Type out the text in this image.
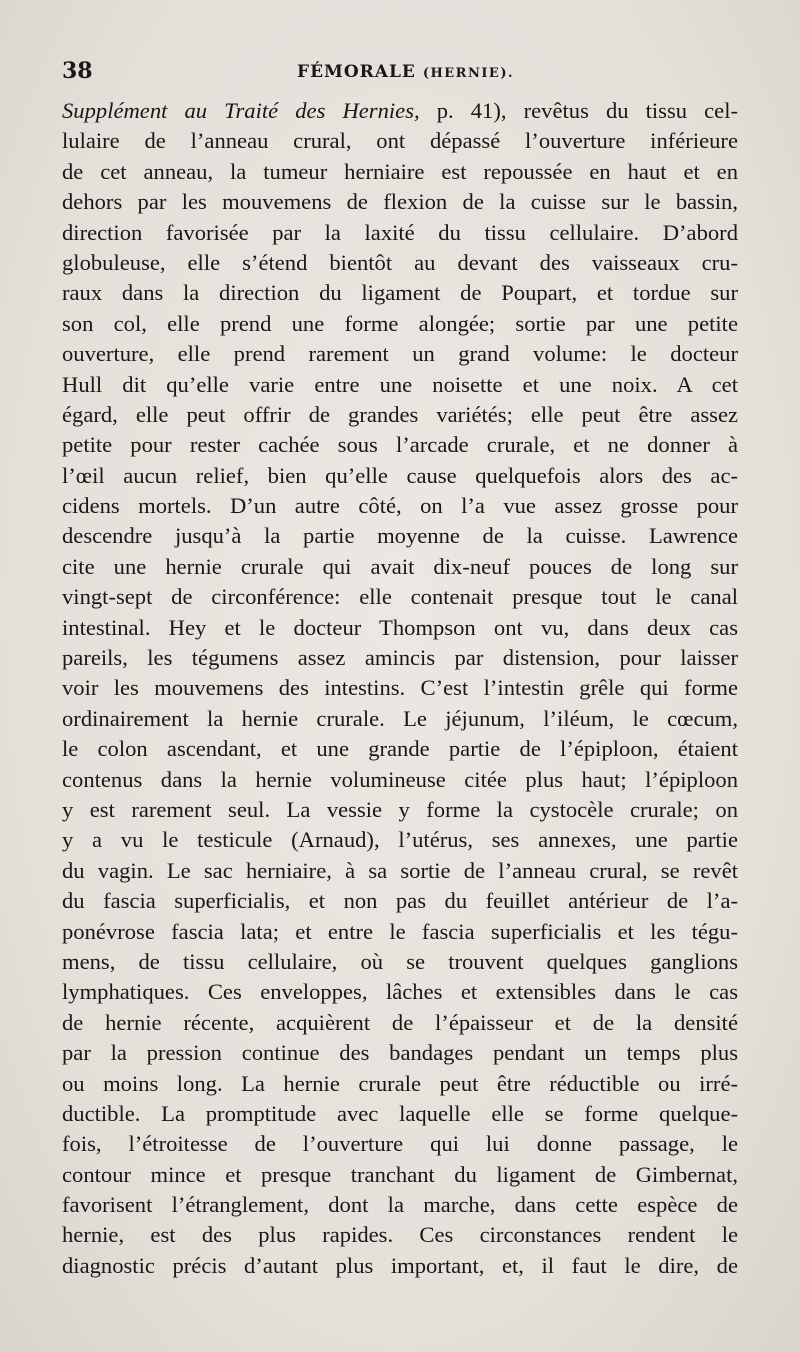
38	FÉMORALE (HERNIE).
Supplément au Traité des Hernies, p. 41), revêtus du tissu cel-
lulaire de l’anneau crural, ont dépassé l’ouverture inférieure
de cet anneau, la tumeur herniaire est repoussée en haut et en
dehors par les mouvemens de flexion de la cuisse sur le bassin,
direction favorisée par la laxité du tissu cellulaire. D’abord
globuleuse, elle s’étend bientôt au devant des vaisseaux cru-
raux dans la direction du ligament de Poupart, et tordue sur
son col, elle prend une forme alongée; sortie par une petite
ouverture, elle prend rarement un grand volume: le docteur
Hull dit qu’elle varie entre une noisette et une noix. A cet
égard, elle peut offrir de grandes variétés; elle peut être assez
petite pour rester cachée sous l’arcade crurale, et ne donner à
l’œil aucun relief, bien qu’elle cause quelquefois alors des ac-
cidens mortels. D’un autre côté, on l’a vue assez grosse pour
descendre jusqu’à la partie moyenne de la cuisse. Lawrence
cite une hernie crurale qui avait dix-neuf pouces de long sur
vingt-sept de circonférence: elle contenait presque tout le canal
intestinal. Hey et le docteur Thompson ont vu, dans deux cas
pareils, les tégumens assez amincis par distension, pour laisser
voir les mouvemens des intestins. C’est l’intestin grêle qui forme
ordinairement la hernie crurale. Le jéjunum, l’iléum, le cœcum,
le colon ascendant, et une grande partie de l’épiploon, étaient
contenus dans la hernie volumineuse citée plus haut; l’épiploon
y est rarement seul. La vessie y forme la cystocèle crurale; on
y a vu le testicule (Arnaud), l’utérus, ses annexes, une partie
du vagin. Le sac herniaire, à sa sortie de l’anneau crural, se revêt
du fascia superficialis, et non pas du feuillet antérieur de l’a-
ponévrose fascia lata; et entre le fascia superficialis et les tégu-
mens, de tissu cellulaire, où se trouvent quelques ganglions
lymphatiques. Ces enveloppes, lâches et extensibles dans le cas
de hernie récente, acquièrent de l’épaisseur et de la densité
par la pression continue des bandages pendant un temps plus
ou moins long. La hernie crurale peut être réductible ou irré-
ductible. La promptitude avec laquelle elle se forme quelque-
fois, l’étroitesse de l’ouverture qui lui donne passage, le
contour mince et presque tranchant du ligament de Gimbernat,
favorisent l’étranglement, dont la marche, dans cette espèce de
hernie, est des plus rapides. Ces circonstances rendent le
diagnostic précis d’autant plus important, et, il faut le dire, de
